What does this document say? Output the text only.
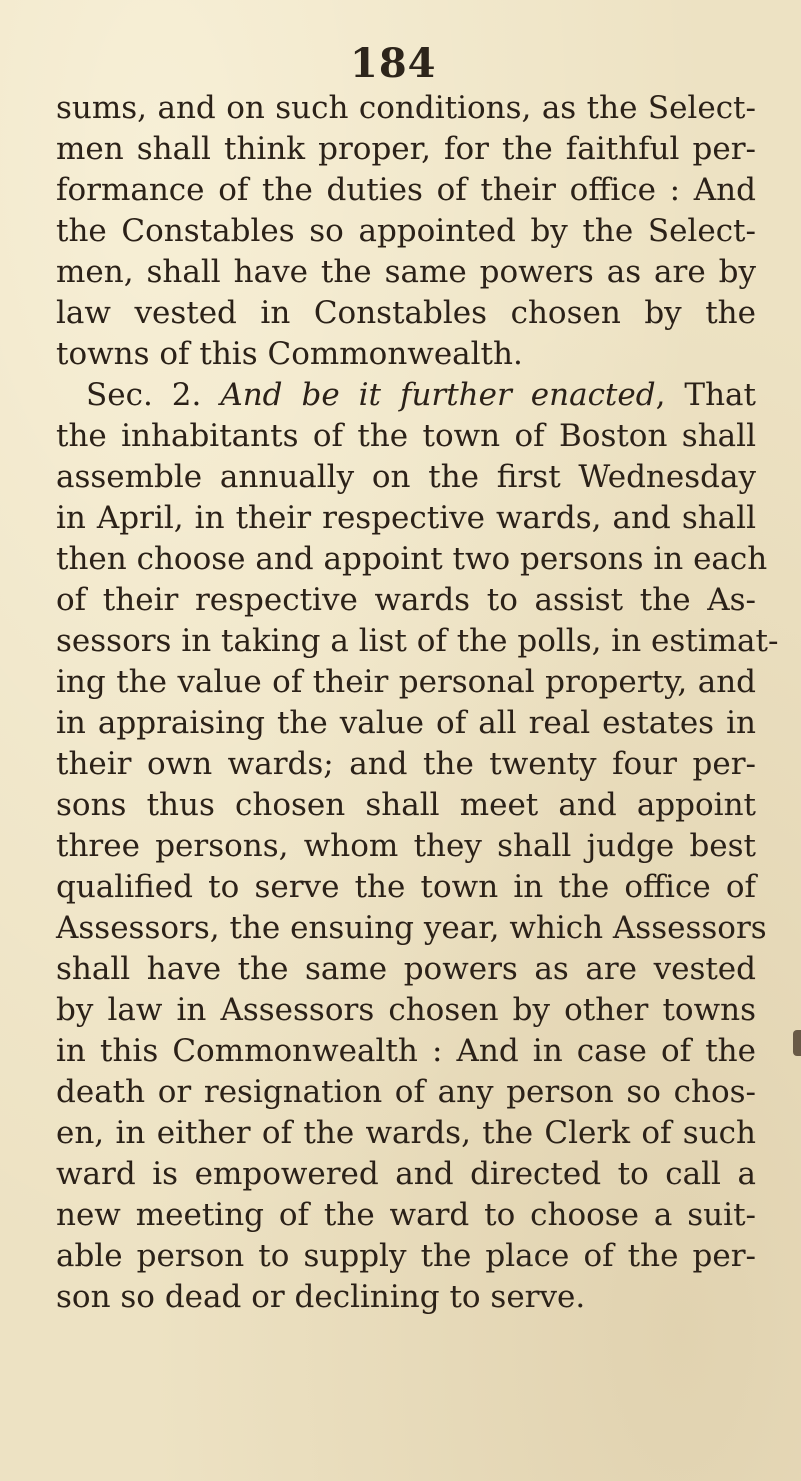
184
sums, and on such conditions, as the Select-
men shall think proper, for the faithful per-
formance of the duties of their office : And
the Constables so appointed by the Select-
men, shall have the same powers as are by
law vested in Constables chosen by the
towns of this Commonwealth.
Sec. 2. And be it further enacted, That
the inhabitants of the town of Boston shall
assemble annually on the first Wednesday
in April, in their respective wards, and shall
then choose and appoint two persons in each
of their respective wards to assist the As-
sessors in taking a list of the polls, in estimat-
ing the value of their personal property, and
in appraising the value of all real estates in
their own wards; and the twenty four per-
sons thus chosen shall meet and appoint
three persons, whom they shall judge best
qualified to serve the town in the office of
Assessors, the ensuing year, which Assessors
shall have the same powers as are vested
by law in Assessors chosen by other towns
in this Commonwealth : And in case of the
death or resignation of any person so chos-
en, in either of the wards, the Clerk of such
ward is empowered and directed to call a
new meeting of the ward to choose a suit-
able person to supply the place of the per-
son so dead or declining to serve.
